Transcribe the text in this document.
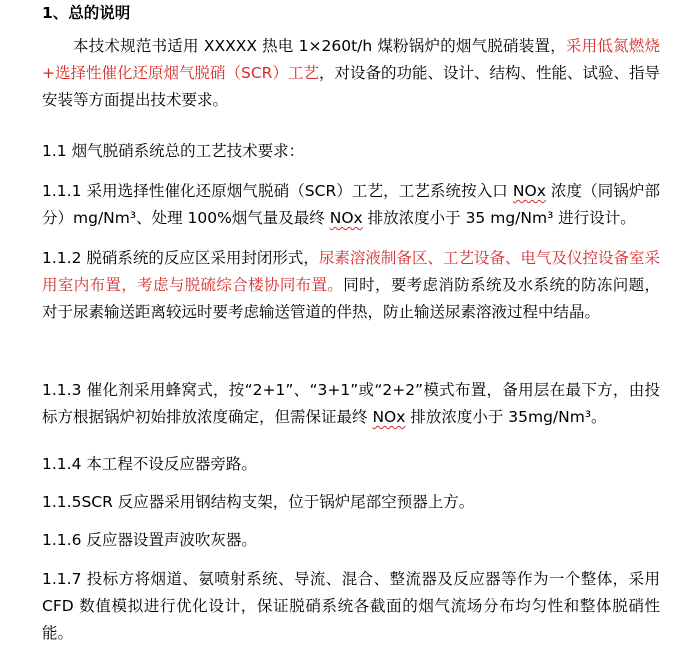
1、总的说明
本技术规范书适用 XXXXX 热电 1×260t/h 煤粉锅炉的烟气脱硝装置，采用低氮燃烧+选择性催化还原烟气脱硝（SCR）工艺，对设备的功能、设计、结构、性能、试验、指导安装等方面提出技术要求。
1.1 烟气脱硝系统总的工艺技术要求：
1.1.1 采用选择性催化还原烟气脱硝（SCR）工艺，工艺系统按入口 NOx 浓度（同锅炉部分）mg/Nm³、处理 100%烟气量及最终 NOx 排放浓度小于 35 mg/Nm³ 进行设计。
1.1.2 脱硝系统的反应区采用封闭形式，尿素溶液制备区、工艺设备、电气及仪控设备室采用室内布置，考虑与脱硫综合楼协同布置。同时，要考虑消防系统及水系统的防冻问题，对于尿素输送距离较远时要考虑输送管道的伴热，防止输送尿素溶液过程中结晶。
1.1.3 催化剂采用蜂窝式，按“2+1”、“3+1”或“2+2”模式布置，备用层在最下方，由投标方根据锅炉初始排放浓度确定，但需保证最终 NOx 排放浓度小于 35mg/Nm³。
1.1.4 本工程不设反应器旁路。
1.1.5SCR 反应器采用钢结构支架，位于锅炉尾部空预器上方。
1.1.6 反应器设置声波吹灰器。
1.1.7 投标方将烟道、氨喷射系统、导流、混合、整流器及反应器等作为一个整体，采用 CFD 数值模拟进行优化设计，保证脱硝系统各截面的烟气流场分布均匀性和整体脱硝性能。
